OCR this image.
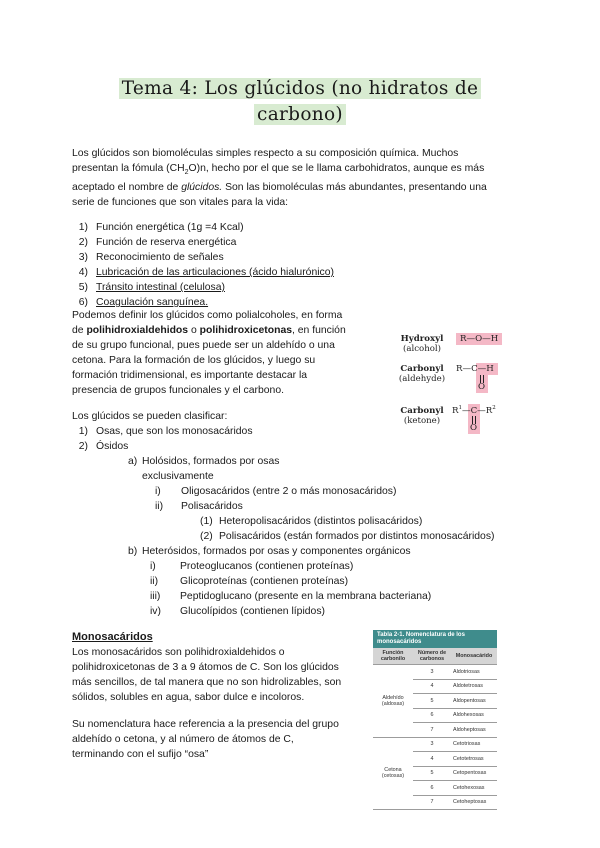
Tema 4: Los glúcidos (no hidratos de
carbono)
Los glúcidos son biomoléculas simples respecto a su composición química. Muchos
presentan la fómula $(CH_2O)n$, hecho por el que se le llama carbohidratos, aunque es más
aceptado el nombre de glúcidos. Son las biomoléculas más abundantes, presentando una
serie de funciones que son vitales para la vida:
1) Función energética (1g =4 Kcal)
2) Función de reserva energética
3) Reconocimiento de señales
4) Lubricación de las articulaciones (ácido hialurónico)
5) Tránsito intestinal (celulosa)
6) Coagulación sanguínea.
Podemos definir los glúcidos como polialcoholes, en forma
de polihidroxialdehidos o polihidroxicetonas, en función
de su grupo funcional, pues puede ser un aldehído o una
cetona. Para la formación de los glúcidos, y luego su
formación tridimensional, es importante destacar la
presencia de grupos funcionales y el carbono.
Hydroxyl
(alcohol)
R—O—H
Carbonyl
(aldehyde)
R—C—H
O
Carbonyl
(ketone)
$R^1—C—R^2$
O
Los glúcidos se pueden clasificar:
1) Osas, que son los monosacáridos
2) Ósidos
a) Holósidos, formados por osas
exclusivamente
i) Oligosacáridos (entre 2 o más monosacáridos)
ii) Polisacáridos
(1) Heteropolisacáridos (distintos polisacáridos)
(2) Polisacáridos (están formados por distintos monosacáridos)
b) Heterósidos, formados por osas y componentes orgánicos
i) Proteoglucanos (contienen proteínas)
ii) Glicoproteínas (contienen proteínas)
iii) Peptidoglucano (presente en la membrana bacteriana)
iv) Glucolípidos (contienen lípidos)
Monosacáridos
Los monosacáridos son polihidroxialdehidos o
polihidroxicetonas de 3 a 9 átomos de C. Son los glúcidos
más sencillos, de tal manera que no son hidrolizables, son
sólidos, solubles en agua, sabor dulce e incoloros.
Su nomenclatura hace referencia a la presencia del grupo
aldehído o cetona, y al número de átomos de C,
terminando con el sufijo “osa”
Tabla 2-1. Nomenclatura de los monosacáridos
Función carbonilo	Número de carbonos	Monosacárido
Aldehído (aldosas)	3	Aldotriosas
	4	Aldotetrosas
	5	Aldopentosas
	6	Aldohexosas
	7	Aldoheptosas
Cetona (cetosas)	3	Cetotriosas
	4	Cetotetrosas
	5	Cetopentosas
	6	Cetohexosas
	7	Cetoheptosas
